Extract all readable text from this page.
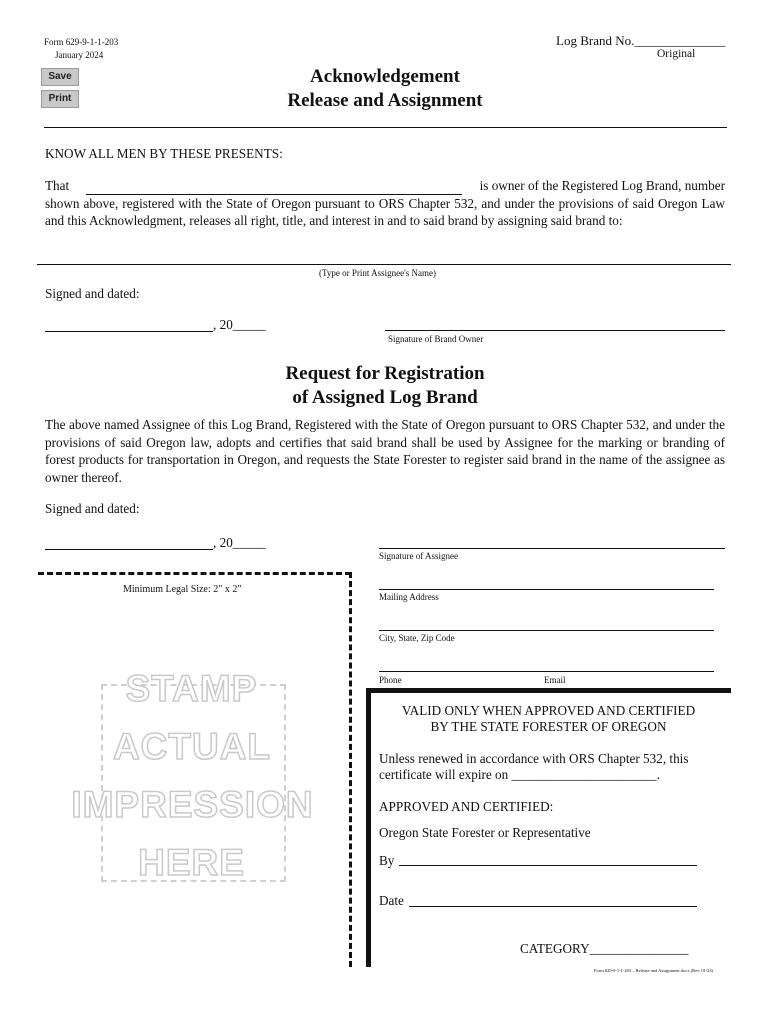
Form 629-9-1-1-203
January 2024
Log Brand No.______________
Original
Save
Print
Acknowledgement
Release and Assignment
KNOW ALL MEN BY THESE PRESENTS:
That	is owner of the Registered Log Brand, number
shown above, registered with the State of Oregon pursuant to ORS Chapter 532, and under the provisions of said Oregon Law and this Acknowledgment, releases all right, title, and interest in and to said brand by assigning said brand to:
(Type or Print Assignee's Name)
Signed and dated:
, 20_____
Signature of Brand Owner
Request for Registration
of Assigned Log Brand
The above named Assignee of this Log Brand, Registered with the State of Oregon pursuant to ORS Chapter 532, and under the provisions of said Oregon law, adopts and certifies that said brand shall be used by Assignee for the marking or branding of forest products for transportation in Oregon, and requests the State Forester to register said brand in the name of the assignee as owner thereof.
Signed and dated:
, 20_____
Signature of Assignee
Mailing Address
City, State, Zip Code
Phone	Email
Minimum Legal Size: 2" x 2"
STAMP
ACTUAL
IMPRESSION
HERE
VALID ONLY WHEN APPROVED AND CERTIFIED
BY THE STATE FORESTER OF OREGON
Unless renewed in accordance with ORS Chapter 532, this
certificate will expire on ______________________.
APPROVED AND CERTIFIED:
Oregon State Forester or Representative
By
Date
CATEGORY_______________
Form 629-9-1-1-203 – Release and Assignment.docx (Rev. 01/24)
